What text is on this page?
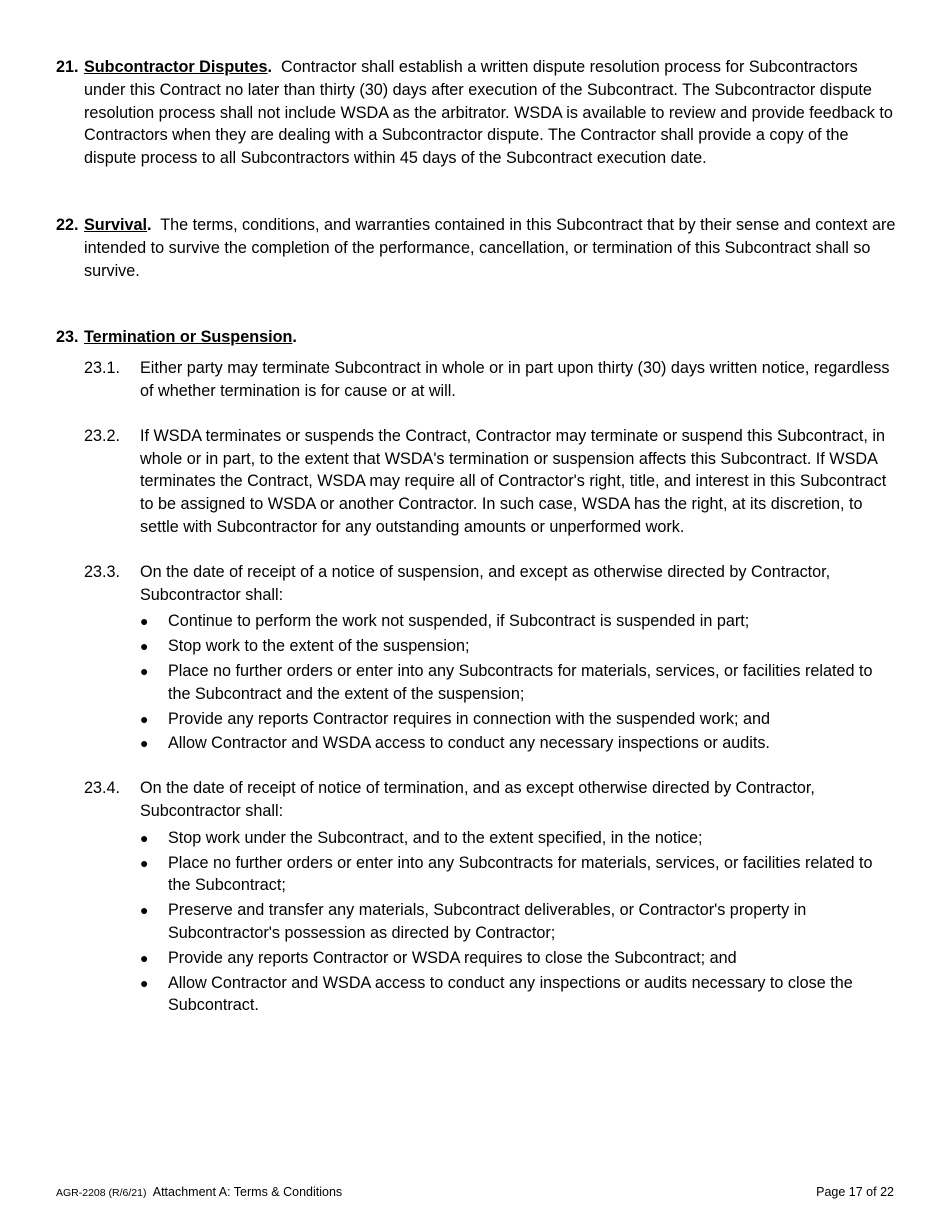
21. Subcontractor Disputes. Contractor shall establish a written dispute resolution process for Subcontractors under this Contract no later than thirty (30) days after execution of the Subcontract. The Subcontractor dispute resolution process shall not include WSDA as the arbitrator. WSDA is available to review and provide feedback to Contractors when they are dealing with a Subcontractor dispute. The Contractor shall provide a copy of the dispute process to all Subcontractors within 45 days of the Subcontract execution date.
22. Survival. The terms, conditions, and warranties contained in this Subcontract that by their sense and context are intended to survive the completion of the performance, cancellation, or termination of this Subcontract shall so survive.
23. Termination or Suspension.
23.1.	Either party may terminate Subcontract in whole or in part upon thirty (30) days written notice, regardless of whether termination is for cause or at will.
23.2.	If WSDA terminates or suspends the Contract, Contractor may terminate or suspend this Subcontract, in whole or in part, to the extent that WSDA's termination or suspension affects this Subcontract. If WSDA terminates the Contract, WSDA may require all of Contractor's right, title, and interest in this Subcontract to be assigned to WSDA or another Contractor. In such case, WSDA has the right, at its discretion, to settle with Subcontractor for any outstanding amounts or unperformed work.
23.3.	On the date of receipt of a notice of suspension, and except as otherwise directed by Contractor, Subcontractor shall:
●	Continue to perform the work not suspended, if Subcontract is suspended in part;
●	Stop work to the extent of the suspension;
●	Place no further orders or enter into any Subcontracts for materials, services, or facilities related to the Subcontract and the extent of the suspension;
●	Provide any reports Contractor requires in connection with the suspended work; and
●	Allow Contractor and WSDA access to conduct any necessary inspections or audits.
23.4.	On the date of receipt of notice of termination, and as except otherwise directed by Contractor, Subcontractor shall:
●	Stop work under the Subcontract, and to the extent specified, in the notice;
●	Place no further orders or enter into any Subcontracts for materials, services, or facilities related to the Subcontract;
●	Preserve and transfer any materials, Subcontract deliverables, or Contractor's property in Subcontractor's possession as directed by Contractor;
●	Provide any reports Contractor or WSDA requires to close the Subcontract; and
●	Allow Contractor and WSDA access to conduct any inspections or audits necessary to close the Subcontract.
AGR-2208 (R/6/21) Attachment A: Terms & Conditions	Page 17 of 22
